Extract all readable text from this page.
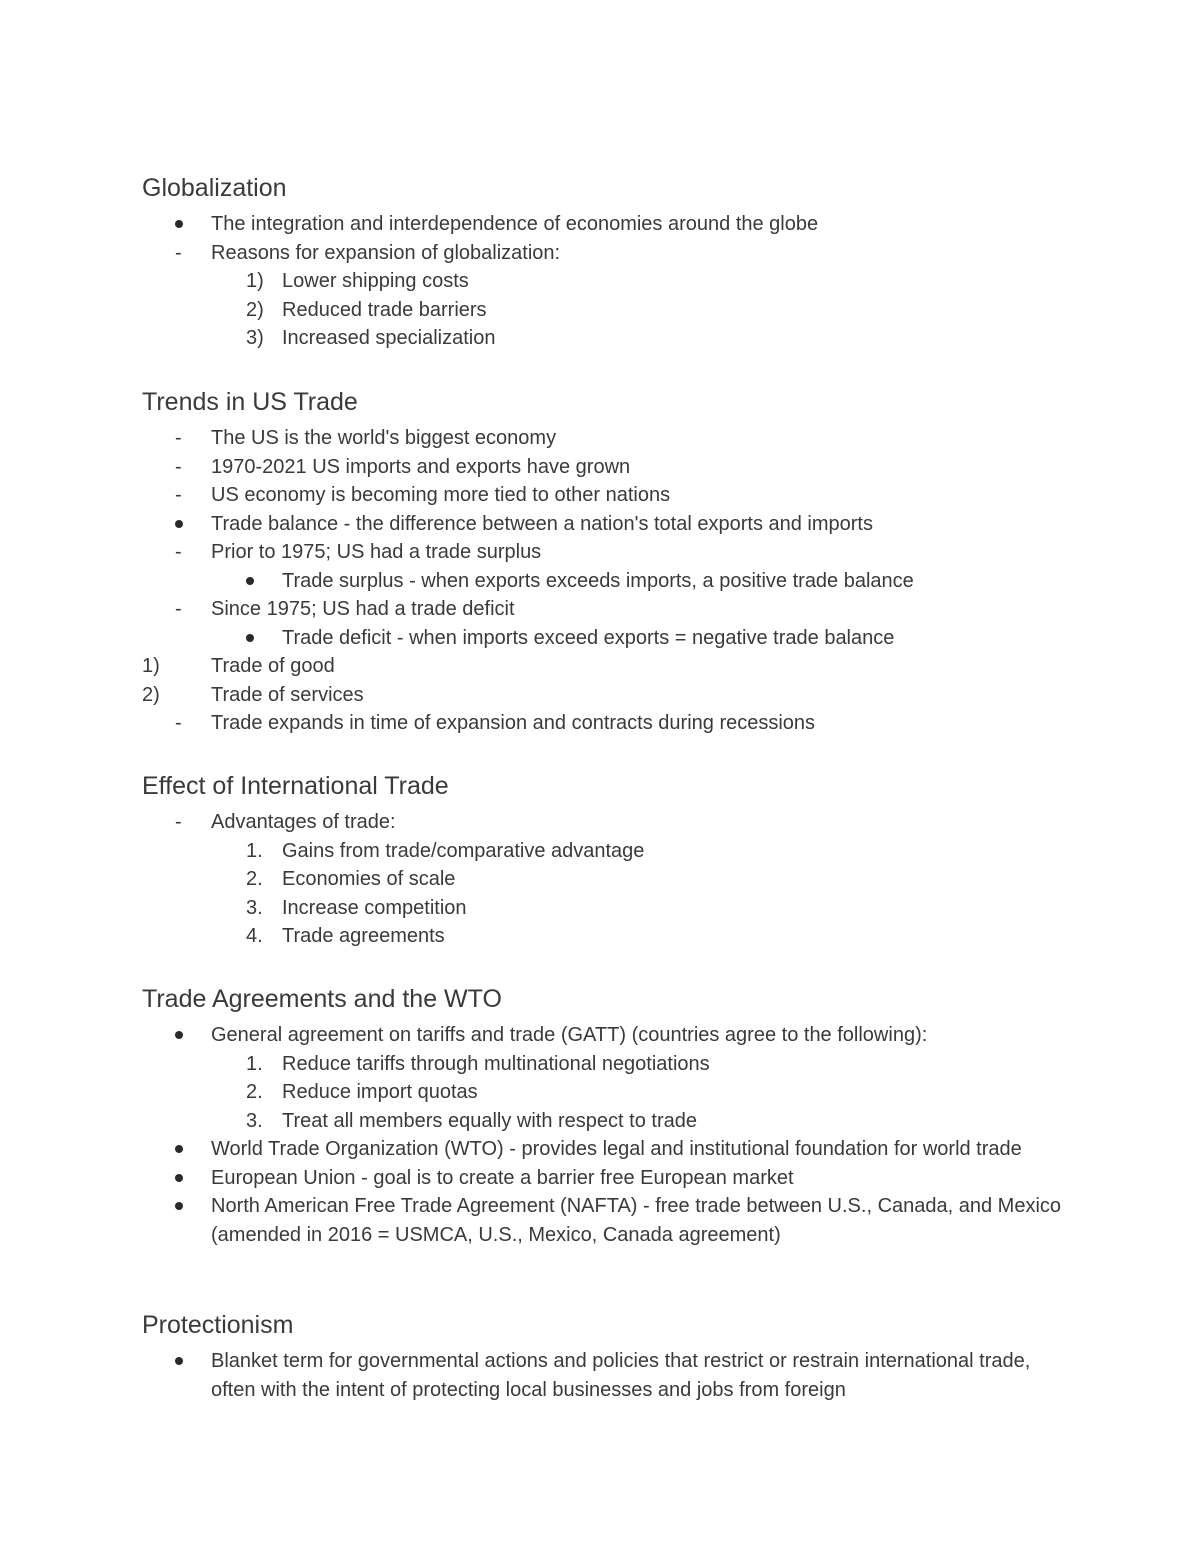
Globalization
The integration and interdependence of economies around the globe
- Reasons for expansion of globalization:
1) Lower shipping costs
2) Reduced trade barriers
3) Increased specialization
Trends in US Trade
- The US is the world's biggest economy
- 1970-2021 US imports and exports have grown
- US economy is becoming more tied to other nations
Trade balance - the difference between a nation's total exports and imports
- Prior to 1975; US had a trade surplus
Trade surplus - when exports exceeds imports, a positive trade balance
- Since 1975; US had a trade deficit
Trade deficit - when imports exceed exports = negative trade balance
1)	Trade of good
2)	Trade of services
- Trade expands in time of expansion and contracts during recessions
Effect of International Trade
- Advantages of trade:
1. Gains from trade/comparative advantage
2. Economies of scale
3. Increase competition
4. Trade agreements
Trade Agreements and the WTO
General agreement on tariffs and trade (GATT) (countries agree to the following):
1. Reduce tariffs through multinational negotiations
2. Reduce import quotas
3. Treat all members equally with respect to trade
World Trade Organization (WTO) - provides legal and institutional foundation for world trade
European Union - goal is to create a barrier free European market
North American Free Trade Agreement (NAFTA) - free trade between U.S., Canada, and Mexico (amended in 2016 = USMCA, U.S., Mexico, Canada agreement)
Protectionism
Blanket term for governmental actions and policies that restrict or restrain international trade, often with the intent of protecting local businesses and jobs from foreign
